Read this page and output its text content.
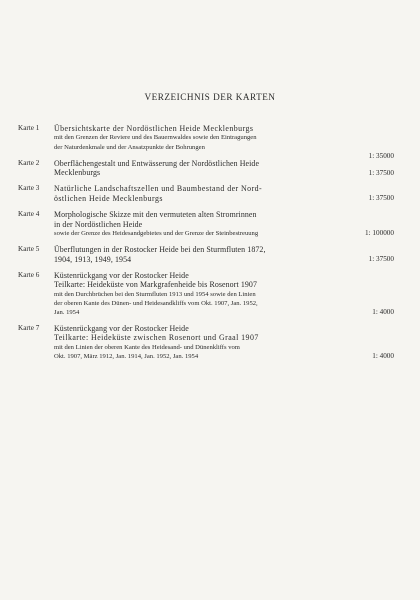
VERZEICHNIS DER KARTEN
Karte 1 Übersichtskarte der Nordöstlichen Heide Mecklenburgs
mit den Grenzen der Reviere und des Bauernwaldes sowie den Eintragungen
der Naturdenkmale und der Ansatzpunkte der Bohrungen
1: 35000
Karte 2 Oberflächengestalt und Entwässerung der Nordöstlichen Heide
Mecklenburgs	1: 37500
Karte 3 Natürliche Landschaftszellen und Baumbestand der Nord-
östlichen Heide Mecklenburgs	1: 37500
Karte 4 Morphologische Skizze mit den vermuteten alten Stromrinnen
in der Nordöstlichen Heide
sowie der Grenze des Heidesandgebietes und der Grenze der Steinbestreuung	1: 100000
Karte 5 Überflutungen in der Rostocker Heide bei den Sturmfluten 1872,
1904, 1913, 1949, 1954	1: 37500
Karte 6 Küstenrückgang vor der Rostocker Heide
Teilkarte: Heideküste von Markgrafenheide bis Rosenort 1907
mit den Durchbrüchen bei den Sturmfluten 1913 und 1954 sowie den Linien
der oberen Kante des Dünen- und Heidesandkliffs vom Okt. 1907, Jan. 1952,
Jan. 1954	1: 4000
Karte 7 Küstenrückgang vor der Rostocker Heide
Teilkarte: Heideküste zwischen Rosenort und Graal 1907
mit den Linien der oberen Kante des Heidesand- und Dünenkliffs vom
Okt. 1907, März 1912, Jan. 1914, Jan. 1952, Jan. 1954	1: 4000
